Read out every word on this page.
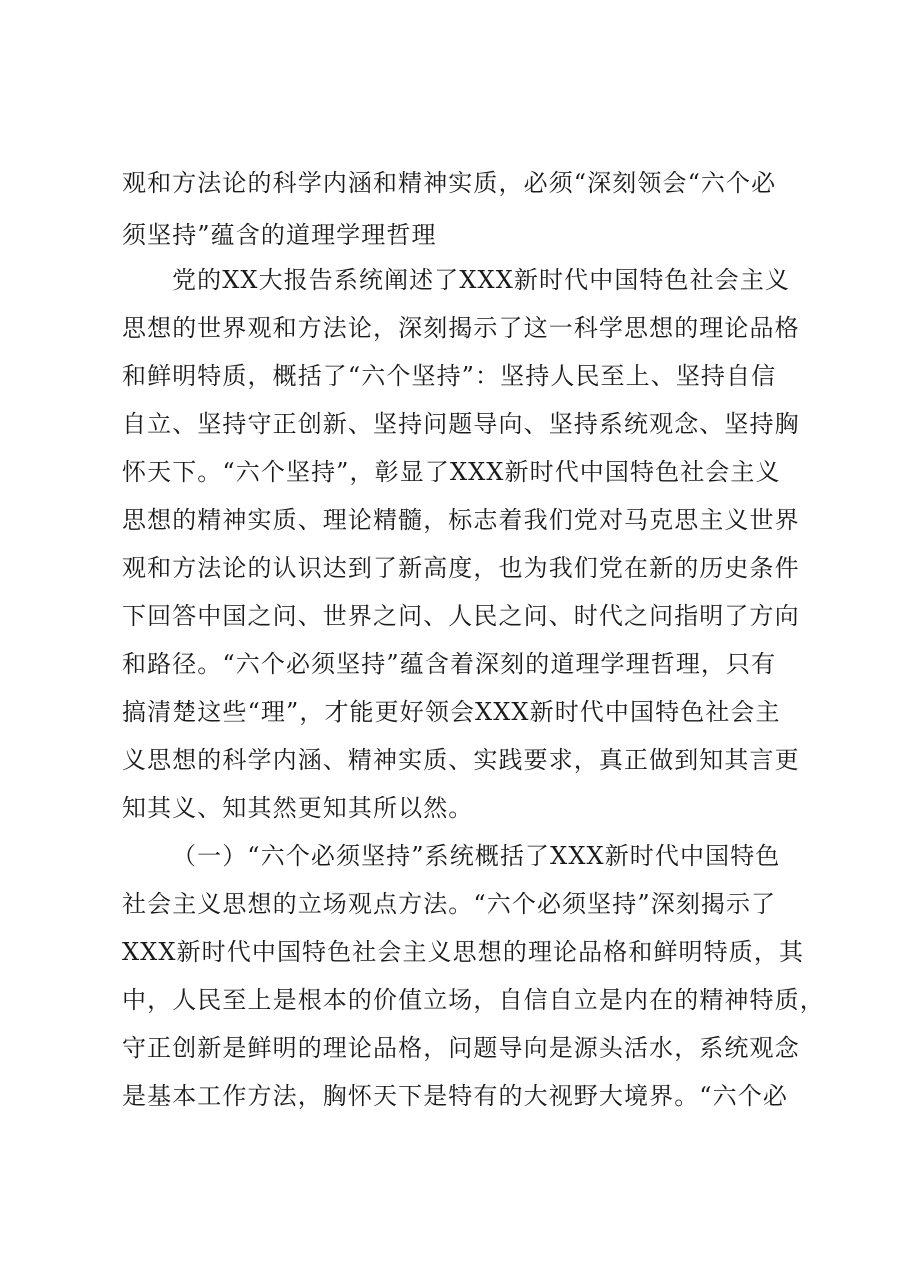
观和方法论的科学内涵和精神实质，必须“深刻领会“六个必
须坚持”蕴含的道理学理哲理
党的XX大报告系统阐述了XXX新时代中国特色社会主义
思想的世界观和方法论，深刻揭示了这一科学思想的理论品格
和鲜明特质，概括了“六个坚持”：坚持人民至上、坚持自信
自立、坚持守正创新、坚持问题导向、坚持系统观念、坚持胸
怀天下。“六个坚持”，彰显了XXX新时代中国特色社会主义
思想的精神实质、理论精髓，标志着我们党对马克思主义世界
观和方法论的认识达到了新高度，也为我们党在新的历史条件
下回答中国之问、世界之问、人民之问、时代之问指明了方向
和路径。“六个必须坚持”蕴含着深刻的道理学理哲理，只有
搞清楚这些“理”，才能更好领会XXX新时代中国特色社会主
义思想的科学内涵、精神实质、实践要求，真正做到知其言更
知其义、知其然更知其所以然。
（一）“六个必须坚持”系统概括了XXX新时代中国特色
社会主义思想的立场观点方法。“六个必须坚持”深刻揭示了
XXX新时代中国特色社会主义思想的理论品格和鲜明特质，其
中，人民至上是根本的价值立场，自信自立是内在的精神特质，
守正创新是鲜明的理论品格，问题导向是源头活水，系统观念
是基本工作方法，胸怀天下是特有的大视野大境界。“六个必
